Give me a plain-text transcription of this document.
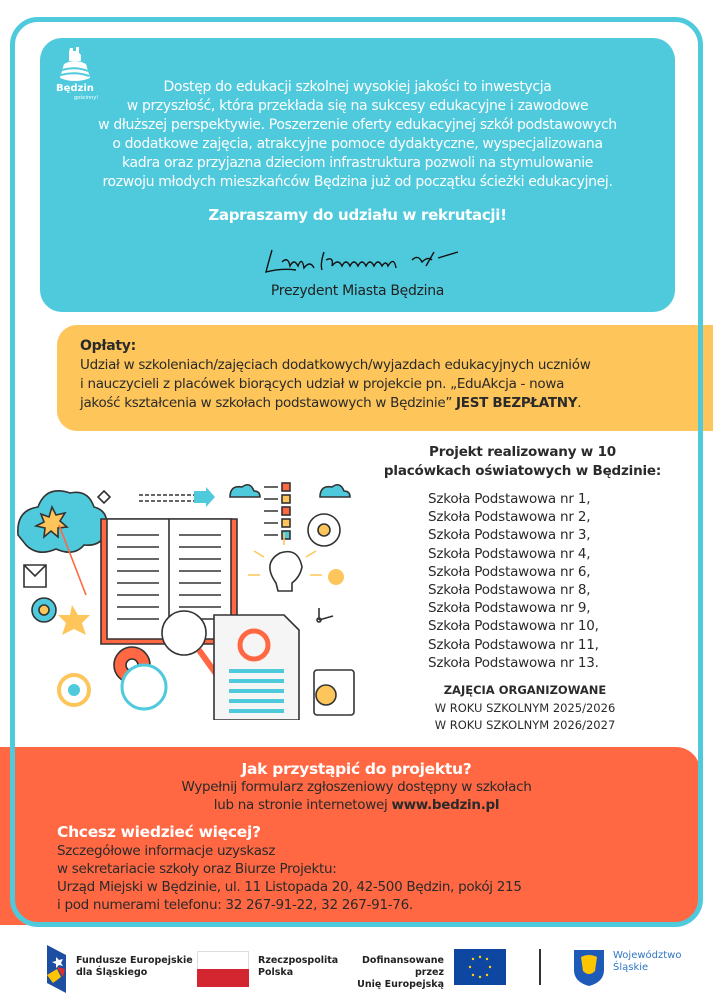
Będzin
gościnny!
Dostęp do edukacji szkolnej wysokiej jakości to inwestycja
w przyszłość, która przekłada się na sukcesy edukacyjne i zawodowe
w dłuższej perspektywie. Poszerzenie oferty edukacyjnej szkół podstawowych
o dodatkowe zajęcia, atrakcyjne pomoce dydaktyczne, wyspecjalizowana
kadra oraz przyjazna dzieciom infrastruktura pozwoli na stymulowanie
rozwoju młodych mieszkańców Będzina już od początku ścieżki edukacyjnej.
Zapraszamy do udziału w rekrutacji!
Prezydent Miasta Będzina
Opłaty:
Udział w szkoleniach/zajęciach dodatkowych/wyjazdach edukacyjnych uczniów
i nauczycieli z placówek biorących udział w projekcie pn. „EduAkcja - nowa
jakość kształcenia w szkołach podstawowych w Będzinie” JEST BEZPŁATNY.
Projekt realizowany w 10
placówkach oświatowych w Będzinie:
Szkoła Podstawowa nr 1,
Szkoła Podstawowa nr 2,
Szkoła Podstawowa nr 3,
Szkoła Podstawowa nr 4,
Szkoła Podstawowa nr 6,
Szkoła Podstawowa nr 8,
Szkoła Podstawowa nr 9,
Szkoła Podstawowa nr 10,
Szkoła Podstawowa nr 11,
Szkoła Podstawowa nr 13.
ZAJĘCIA ORGANIZOWANE
W ROKU SZKOLNYM 2025/2026
W ROKU SZKOLNYM 2026/2027
Jak przystąpić do projektu?
Wypełnij formularz zgłoszeniowy dostępny w szkołach
lub na stronie internetowej www.bedzin.pl
Chcesz wiedzieć więcej?
Szczegółowe informacje uzyskasz
w sekretariacie szkoły oraz Biurze Projektu:
Urząd Miejski w Będzinie, ul. 11 Listopada 20, 42-500 Będzin, pokój 215
i pod numerami telefonu: 32 267-91-22, 32 267-91-76.
Fundusze Europejskie
dla Śląskiego
Rzeczpospolita
Polska
Dofinansowane przez
Unię Europejską
Województwo
Śląskie
